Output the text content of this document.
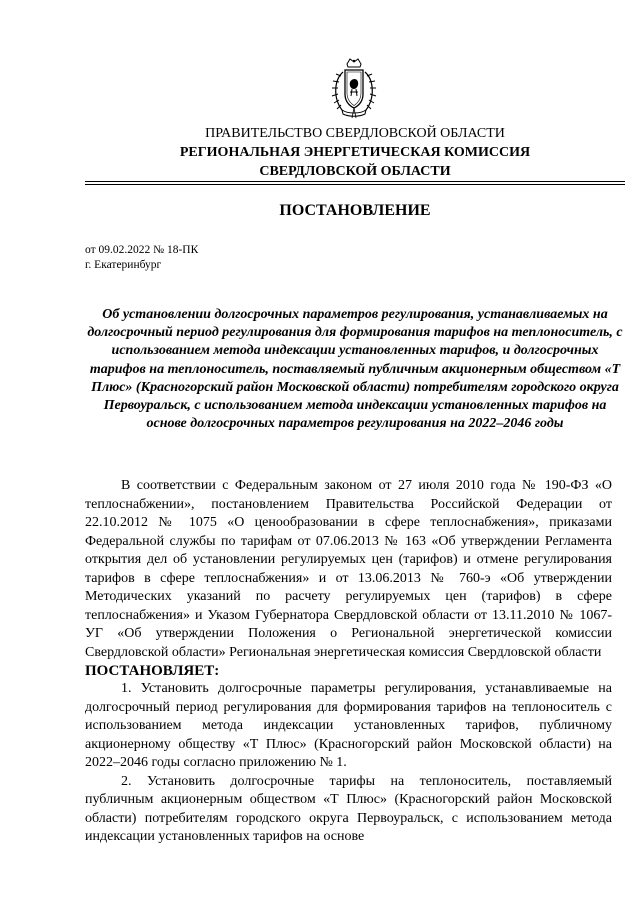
ПРАВИТЕЛЬСТВО СВЕРДЛОВСКОЙ ОБЛАСТИ
РЕГИОНАЛЬНАЯ ЭНЕРГЕТИЧЕСКАЯ КОМИССИЯ
СВЕРДЛОВСКОЙ ОБЛАСТИ
ПОСТАНОВЛЕНИЕ
от 09.02.2022 № 18-ПК
г. Екатеринбург
Об установлении долгосрочных параметров регулирования, устанавливаемых на долгосрочный период регулирования для формирования тарифов на теплоноситель, с использованием метода индексации установленных тарифов, и долгосрочных тарифов на теплоноситель, поставляемый публичным акционерным обществом «Т Плюс» (Красногорский район Московской области) потребителям городского округа Первоуральск, с использованием метода индексации установленных тарифов на основе долгосрочных параметров регулирования на 2022–2046 годы

В соответствии с Федеральным законом от 27 июля 2010 года № 190-ФЗ «О теплоснабжении», постановлением Правительства Российской Федерации от 22.10.2012 № 1075 «О ценообразовании в сфере теплоснабжения», приказами Федеральной службы по тарифам от 07.06.2013 № 163 «Об утверждении Регламента открытия дел об установлении регулируемых цен (тарифов) и отмене регулирования тарифов в сфере теплоснабжения» и от 13.06.2013 № 760-э «Об утверждении Методических указаний по расчету регулируемых цен (тарифов) в сфере теплоснабжения» и Указом Губернатора Свердловской области от 13.11.2010 № 1067-УГ «Об утверждении Положения о Региональной энергетической комиссии Свердловской области» Региональная энергетическая комиссия Свердловской области

ПОСТАНОВЛЯЕТ:

1. Установить долгосрочные параметры регулирования, устанавливаемые на долгосрочный период регулирования для формирования тарифов на теплоноситель с использованием метода индексации установленных тарифов, публичному акционерному обществу «Т Плюс» (Красногорский район Московской области) на 2022–2046 годы согласно приложению № 1.

2. Установить долгосрочные тарифы на теплоноситель, поставляемый публичным акционерным обществом «Т Плюс» (Красногорский район Московской области) потребителям городского округа Первоуральск, с использованием метода индексации установленных тарифов на основе
